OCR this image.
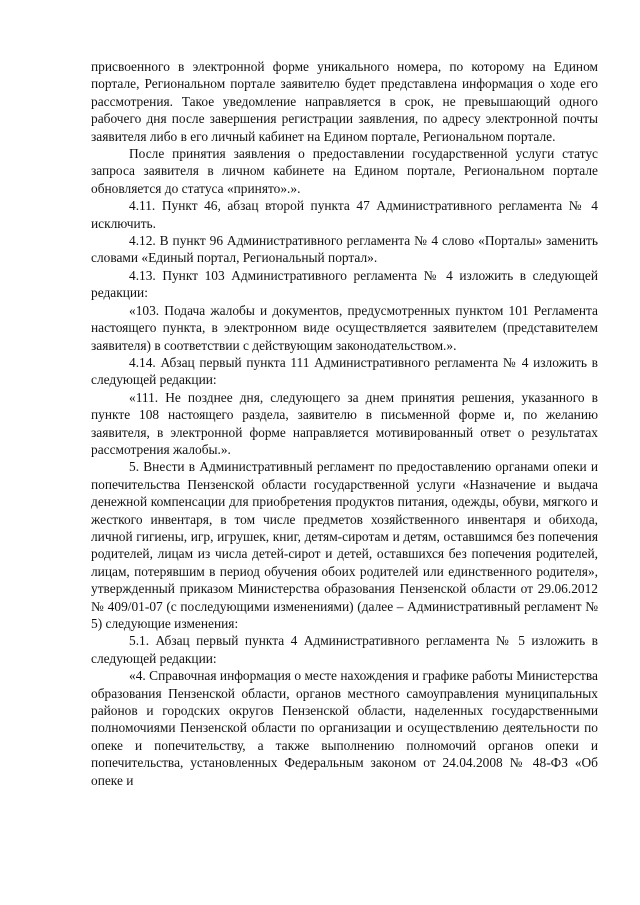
присвоенного в электронной форме уникального номера, по которому на Едином портале, Региональном портале заявителю будет представлена информация о ходе его рассмотрения. Такое уведомление направляется в срок, не превышающий одного рабочего дня после завершения регистрации заявления, по адресу электронной почты заявителя либо в его личный кабинет на Едином портале, Региональном портале.

После принятия заявления о предоставлении государственной услуги статус запроса заявителя в личном кабинете на Едином портале, Региональном портале обновляется до статуса «принято».».

4.11. Пункт 46, абзац второй пункта 47 Административного регламента № 4 исключить.

4.12. В пункт 96 Административного регламента № 4 слово «Порталы» заменить словами «Единый портал, Региональный портал».

4.13. Пункт 103 Административного регламента № 4 изложить в следующей редакции:

«103. Подача жалобы и документов, предусмотренных пунктом 101 Регламента настоящего пункта, в электронном виде осуществляется заявителем (представителем заявителя) в соответствии с действующим законодательством.».

4.14. Абзац первый пункта 111 Административного регламента № 4 изложить в следующей редакции:

«111. Не позднее дня, следующего за днем принятия решения, указанного в пункте 108 настоящего раздела, заявителю в письменной форме и, по желанию заявителя, в электронной форме направляется мотивированный ответ о результатах рассмотрения жалобы.».

5. Внести в Административный регламент по предоставлению органами опеки и попечительства Пензенской области государственной услуги «Назначение и выдача денежной компенсации для приобретения продуктов питания, одежды, обуви, мягкого и жесткого инвентаря, в том числе предметов хозяйственного инвентаря и обихода, личной гигиены, игр, игрушек, книг, детям-сиротам и детям, оставшимся без попечения родителей, лицам из числа детей-сирот и детей, оставшихся без попечения родителей, лицам, потерявшим в период обучения обоих родителей или единственного родителя», утвержденный приказом Министерства образования Пензенской области от 29.06.2012 № 409/01-07 (с последующими изменениями) (далее – Административный регламент № 5) следующие изменения:

5.1. Абзац первый пункта 4 Административного регламента № 5 изложить в следующей редакции:

«4. Справочная информация о месте нахождения и графике работы Министерства образования Пензенской области, органов местного самоуправления муниципальных районов и городских округов Пензенской области, наделенных государственными полномочиями Пензенской области по организации и осуществлению деятельности по опеке и попечительству, а также выполнению полномочий органов опеки и попечительства, установленных Федеральным законом от 24.04.2008 № 48-ФЗ «Об опеке и
